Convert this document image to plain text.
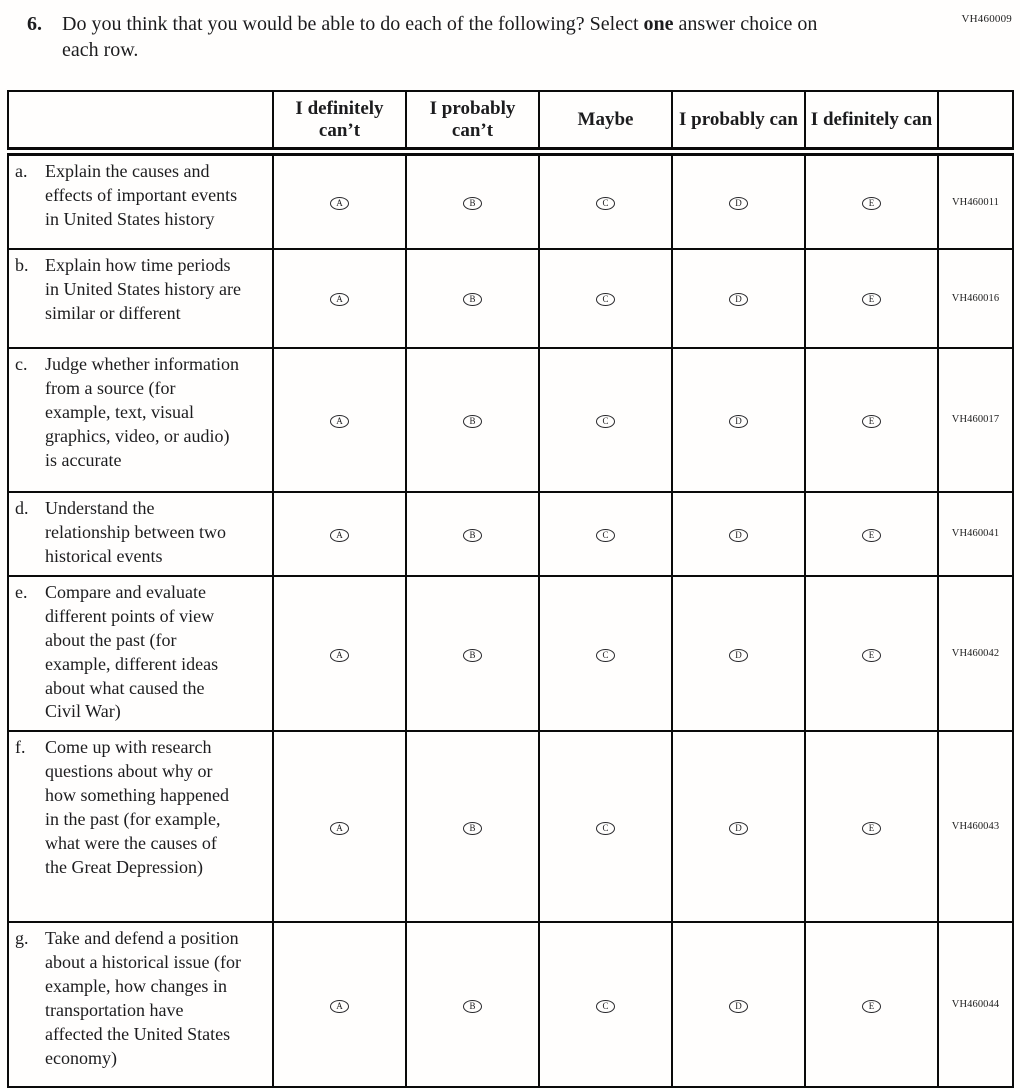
VH460009
6.	Do you think that you would be able to do each of the following? Select one answer choice on each row.
	I definitely can’t	I probably can’t	Maybe	I probably can	I definitely can	

a. Explain the causes and effects of important events in United States history	A	B	C	D	E	VH460011

b. Explain how time periods in United States history are similar or different	A	B	C	D	E	VH460016

c. Judge whether information from a source (for example, text, visual graphics, video, or audio) is accurate	A	B	C	D	E	VH460017

d. Understand the relationship between two historical events	A	B	C	D	E	VH460041

e. Compare and evaluate different points of view about the past (for example, different ideas about what caused the Civil War)	A	B	C	D	E	VH460042

f. Come up with research questions about why or how something happened in the past (for example, what were the causes of the Great Depression)	A	B	C	D	E	VH460043

g. Take and defend a position about a historical issue (for example, how changes in transportation have affected the United States economy)	A	B	C	D	E	VH460044
